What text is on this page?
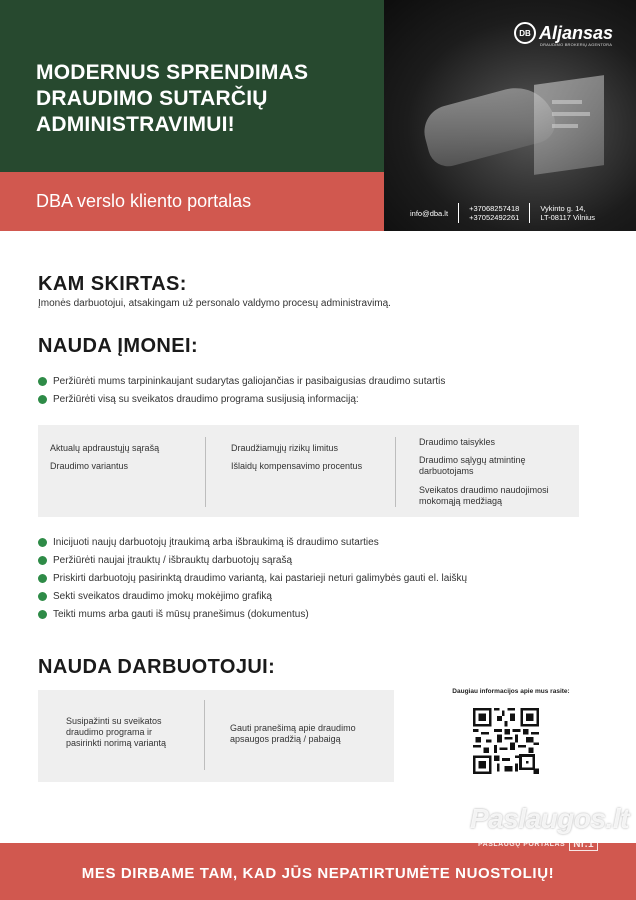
MODERNUS SPRENDIMAS
DRAUDIMO SUTARČIŲ
ADMINISTRAVIMUI!
DBA verslo kliento portalas
DB Aljansas
DRAUDIMO BROKERIŲ AGENTŪRA
info@dba.lt	+37068257418
+37052492261
Vykinto g. 14,
LT-08117 Vilnius
KAM SKIRTAS:
Įmonės darbuotojui, atsakingam už personalo valdymo procesų administravimą.
NAUDA ĮMONEI:
Peržiūrėti mums tarpininkaujant sudarytas galiojančias ir pasibaigusias draudimo sutartis
Peržiūrėti visą su sveikatos draudimo programa susijusią informaciją:

Aktualų apdraustųjų sąrašą

Draudimo variantus

Draudžiamųjų rizikų limitus

Išlaidų kompensavimo procentus

Draudimo taisykles

Draudimo sąlygų atmintinę
darbuotojams

Sveikatos draudimo naudojimosi
mokomąją medžiagą

Inicijuoti naujų darbuotojų įtraukimą arba išbraukimą iš draudimo sutarties
Peržiūrėti naujai įtrauktų / išbrauktų darbuotojų sąrašą
Priskirti darbuotojų pasirinktą draudimo variantą, kai pastarieji neturi galimybės gauti el. laiškų
Sekti sveikatos draudimo įmokų mokėjimo grafiką
Teikti mums arba gauti iš mūsų pranešimus (dokumentus)
NAUDA DARBUOTOJUI:

Susipažinti su sveikatos
draudimo programa ir
pasirinkti norimą variantą

Gauti pranešimą apie draudimo
apsaugos pradžią / pabaigą

Daugiau informacijos apie mus rasite:
MES DIRBAME TAM, KAD JŪS NEPATIRTUMĖTE NUOSTOLIŲ!
Paslaugos.lt
PASLAUGŲ PORTALAS Nr.1
